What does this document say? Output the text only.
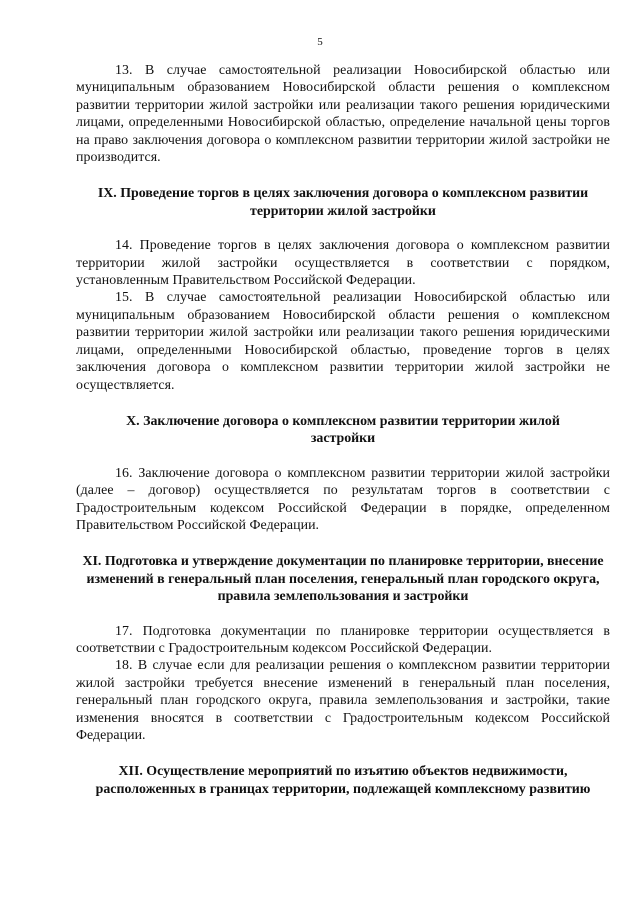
5

13. В случае самостоятельной реализации Новосибирской областью или муниципальным образованием Новосибирской области решения о комплексном развитии территории жилой застройки или реализации такого решения юридическими лицами, определенными Новосибирской областью, определение начальной цены торгов на право заключения договора о комплексном развитии территории жилой застройки не производится.

IX. Проведение торгов в целях заключения договора о комплексном развитии территории жилой застройки

14. Проведение торгов в целях заключения договора о комплексном развитии территории жилой застройки осуществляется в соответствии с порядком, установленным Правительством Российской Федерации.

15. В случае самостоятельной реализации Новосибирской областью или муниципальным образованием Новосибирской области решения о комплексном развитии территории жилой застройки или реализации такого решения юридическими лицами, определенными Новосибирской областью, проведение торгов в целях заключения договора о комплексном развитии территории жилой застройки не осуществляется.

X. Заключение договора о комплексном развитии территории жилой застройки

16. Заключение договора о комплексном развитии территории жилой застройки (далее – договор) осуществляется по результатам торгов в соответствии с Градостроительным кодексом Российской Федерации в порядке, определенном Правительством Российской Федерации.

XI. Подготовка и утверждение документации по планировке территории, внесение изменений в генеральный план поселения, генеральный план городского округа, правила землепользования и застройки

17. Подготовка документации по планировке территории осуществляется в соответствии с Градостроительным кодексом Российской Федерации.

18. В случае если для реализации решения о комплексном развитии территории жилой застройки требуется внесение изменений в генеральный план поселения, генеральный план городского округа, правила землепользования и застройки, такие изменения вносятся в соответствии с Градостроительным кодексом Российской Федерации.

XII. Осуществление мероприятий по изъятию объектов недвижимости, расположенных в границах территории, подлежащей комплексному развитию
